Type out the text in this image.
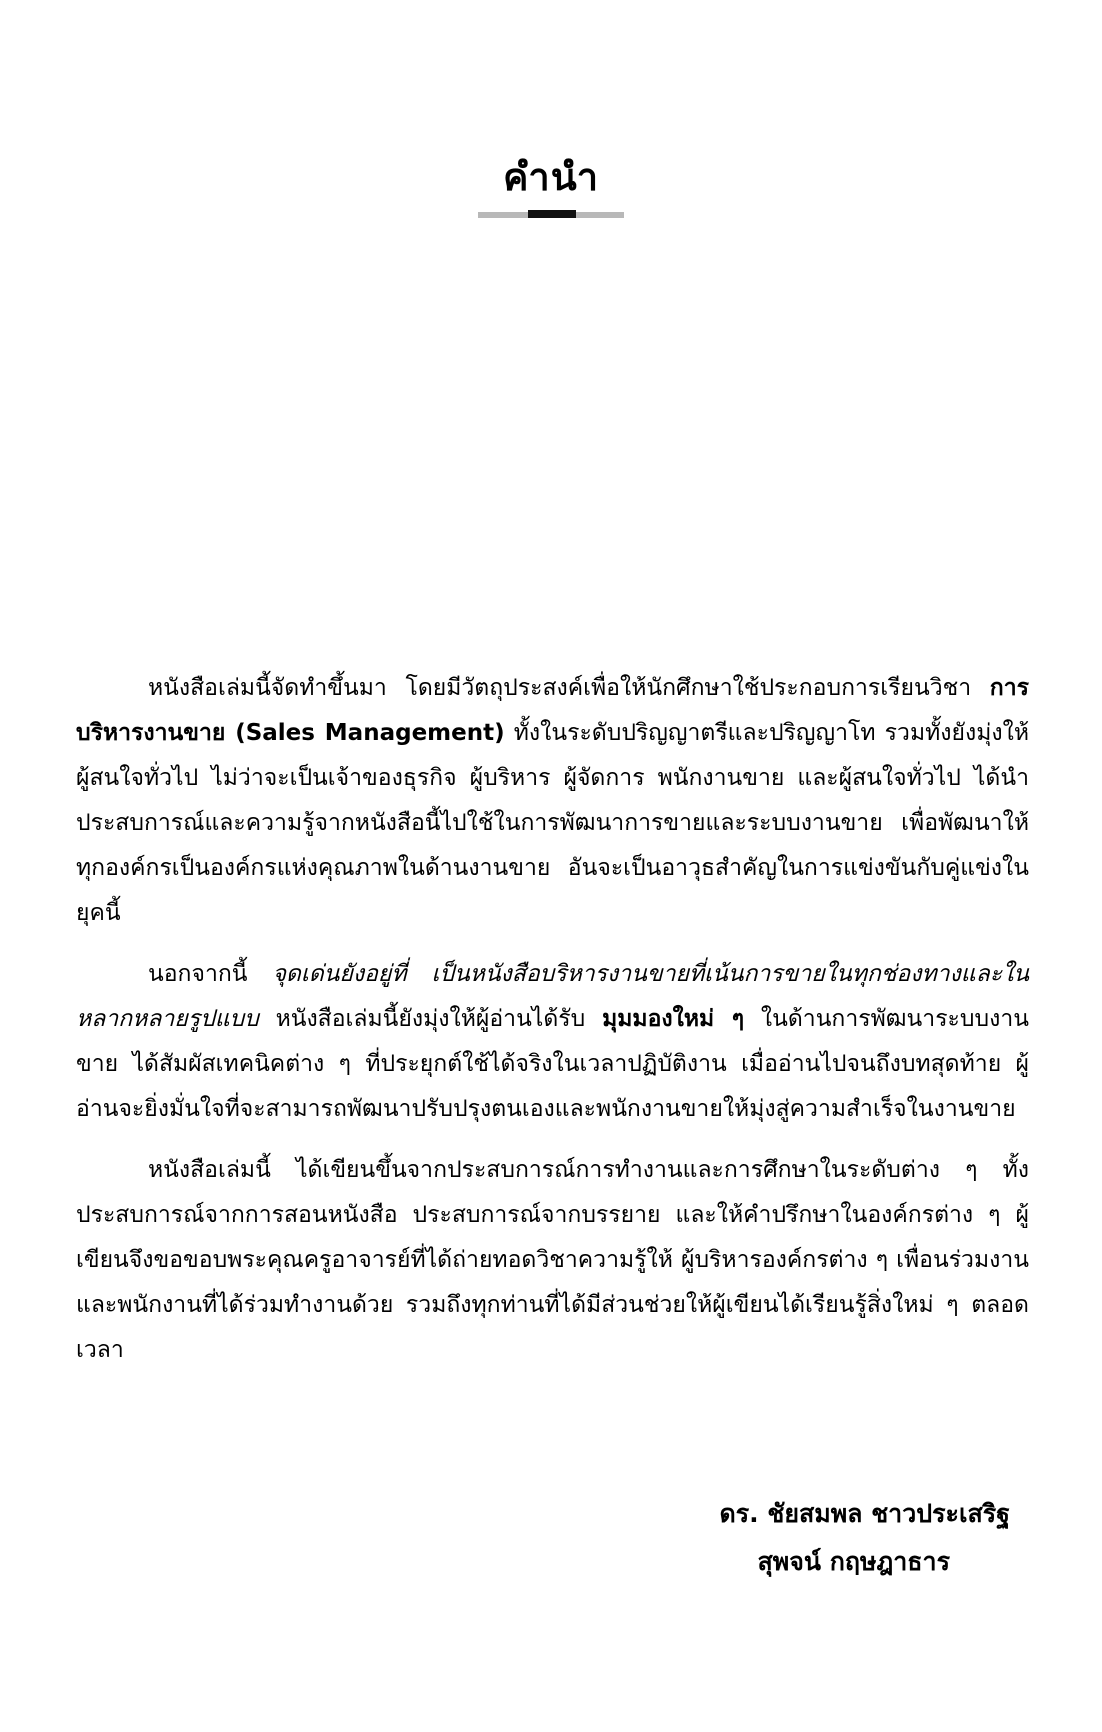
คำนำ

หนังสือเล่มนี้จัดทำขึ้นมา โดยมีวัตถุประสงค์เพื่อให้นักศึกษาใช้ประกอบการเรียนวิชา การบริหารงานขาย (Sales Management) ทั้งในระดับปริญญาตรีและปริญญาโท รวมทั้งยังมุ่งให้ผู้สนใจทั่วไป ไม่ว่าจะเป็นเจ้าของธุรกิจ ผู้บริหาร ผู้จัดการ พนักงานขาย และผู้สนใจทั่วไป ได้นำประสบการณ์และความรู้จากหนังสือนี้ไปใช้ในการพัฒนาการขายและระบบงานขาย เพื่อพัฒนาให้ทุกองค์กรเป็นองค์กรแห่งคุณภาพในด้านงานขาย อันจะเป็นอาวุธสำคัญในการแข่งขันกับคู่แข่งในยุคนี้

นอกจากนี้ จุดเด่นยังอยู่ที่ เป็นหนังสือบริหารงานขายที่เน้นการขายในทุกช่องทางและในหลากหลายรูปแบบ หนังสือเล่มนี้ยังมุ่งให้ผู้อ่านได้รับ มุมมองใหม่ ๆ ในด้านการพัฒนาระบบงานขาย ได้สัมผัสเทคนิคต่าง ๆ ที่ประยุกต์ใช้ได้จริงในเวลาปฏิบัติงาน เมื่ออ่านไปจนถึงบทสุดท้าย ผู้อ่านจะยิ่งมั่นใจที่จะสามารถพัฒนาปรับปรุงตนเองและพนักงานขายให้มุ่งสู่ความสำเร็จในงานขาย

หนังสือเล่มนี้ ได้เขียนขึ้นจากประสบการณ์การทำงานและการศึกษาในระดับต่าง ๆ ทั้งประสบการณ์จากการสอนหนังสือ ประสบการณ์จากบรรยาย และให้คำปรึกษาในองค์กรต่าง ๆ ผู้เขียนจึงขอขอบพระคุณครูอาจารย์ที่ได้ถ่ายทอดวิชาความรู้ให้ ผู้บริหารองค์กรต่าง ๆ เพื่อนร่วมงาน และพนักงานที่ได้ร่วมทำงานด้วย รวมถึงทุกท่านที่ได้มีส่วนช่วยให้ผู้เขียนได้เรียนรู้สิ่งใหม่ ๆ ตลอดเวลา

ดร. ชัยสมพล ชาวประเสริฐ
สุพจน์ กฤษฎาธาร
